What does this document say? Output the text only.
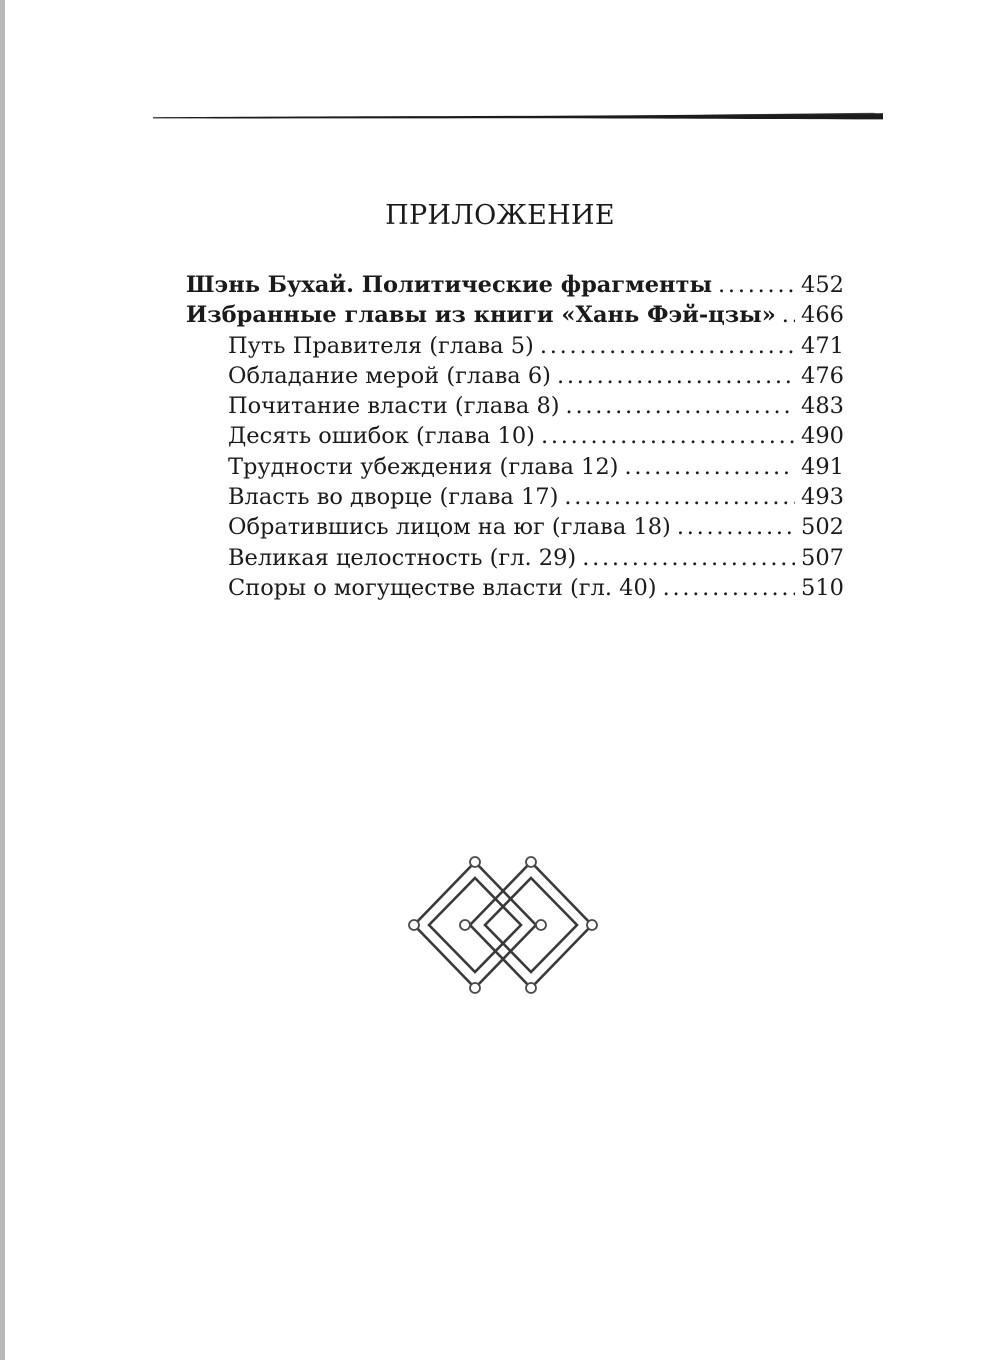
ПРИЛОЖЕНИЕ
Шэнь Бухай. Политические фрагменты . . .	452
Избранные главы из книги «Хань Фэй-цзы» . . . 466
Путь Правителя (глава 5) . . .	471
Обладание мерой (глава 6) . . .	476
Почитание власти (глава 8) . . .	483
Десять ошибок (глава 10) . . .	490
Трудности убеждения (глава 12) . . .	491
Власть во дворце (глава 17) . . .	493
Обратившись лицом на юг (глава 18) . . .	502
Великая целостность (гл. 29) . . .	507
Споры о могуществе власти (гл. 40) . . .	510
